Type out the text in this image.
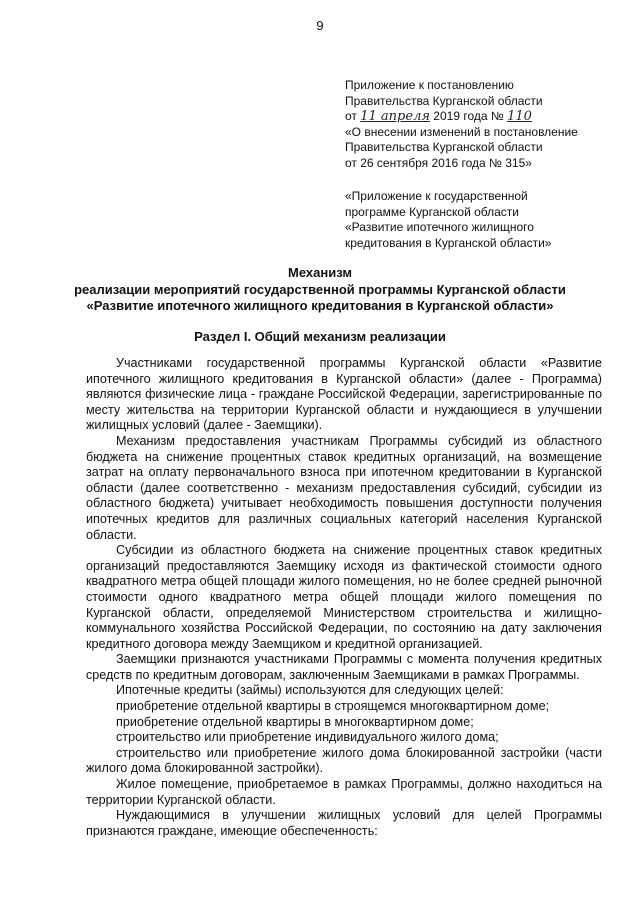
9
Приложение к постановлению
Правительства Курганской области
от 11 апреля 2019 года № 110
«О внесении изменений в постановление
Правительства Курганской области
от 26 сентября 2016 года № 315»
«Приложение к государственной
программе Курганской области
«Развитие ипотечного жилищного
кредитования в Курганской области»
Механизм
реализации мероприятий государственной программы Курганской области
«Развитие ипотечного жилищного кредитования в Курганской области»
Раздел I. Общий механизм реализации

Участниками государственной программы Курганской области «Развитие ипотечного жилищного кредитования в Курганской области» (далее - Программа) являются физические лица - граждане Российской Федерации, зарегистрированные по месту жительства на территории Курганской области и нуждающиеся в улучшении жилищных условий (далее - Заемщики).

Механизм предоставления участникам Программы субсидий из областного бюджета на снижение процентных ставок кредитных организаций, на возмещение затрат на оплату первоначального взноса при ипотечном кредитовании в Курганской области (далее соответственно - механизм предоставления субсидий, субсидии из областного бюджета) учитывает необходимость повышения доступности получения ипотечных кредитов для различных социальных категорий населения Курганской области.

Субсидии из областного бюджета на снижение процентных ставок кредитных организаций предоставляются Заемщику исходя из фактической стоимости одного квадратного метра общей площади жилого помещения, но не более средней рыночной стоимости одного квадратного метра общей площади жилого помещения по Курганской области, определяемой Министерством строительства и жилищно-коммунального хозяйства Российской Федерации, по состоянию на дату заключения кредитного договора между Заемщиком и кредитной организацией.

Заемщики признаются участниками Программы с момента получения кредитных средств по кредитным договорам, заключенным Заемщиками в рамках Программы.

Ипотечные кредиты (займы) используются для следующих целей:

приобретение отдельной квартиры в строящемся многоквартирном доме;

приобретение отдельной квартиры в многоквартирном доме;

строительство или приобретение индивидуального жилого дома;

строительство или приобретение жилого дома блокированной застройки (части жилого дома блокированной застройки).

Жилое помещение, приобретаемое в рамках Программы, должно находиться на территории Курганской области.

Нуждающимися в улучшении жилищных условий для целей Программы признаются граждане, имеющие обеспеченность:
